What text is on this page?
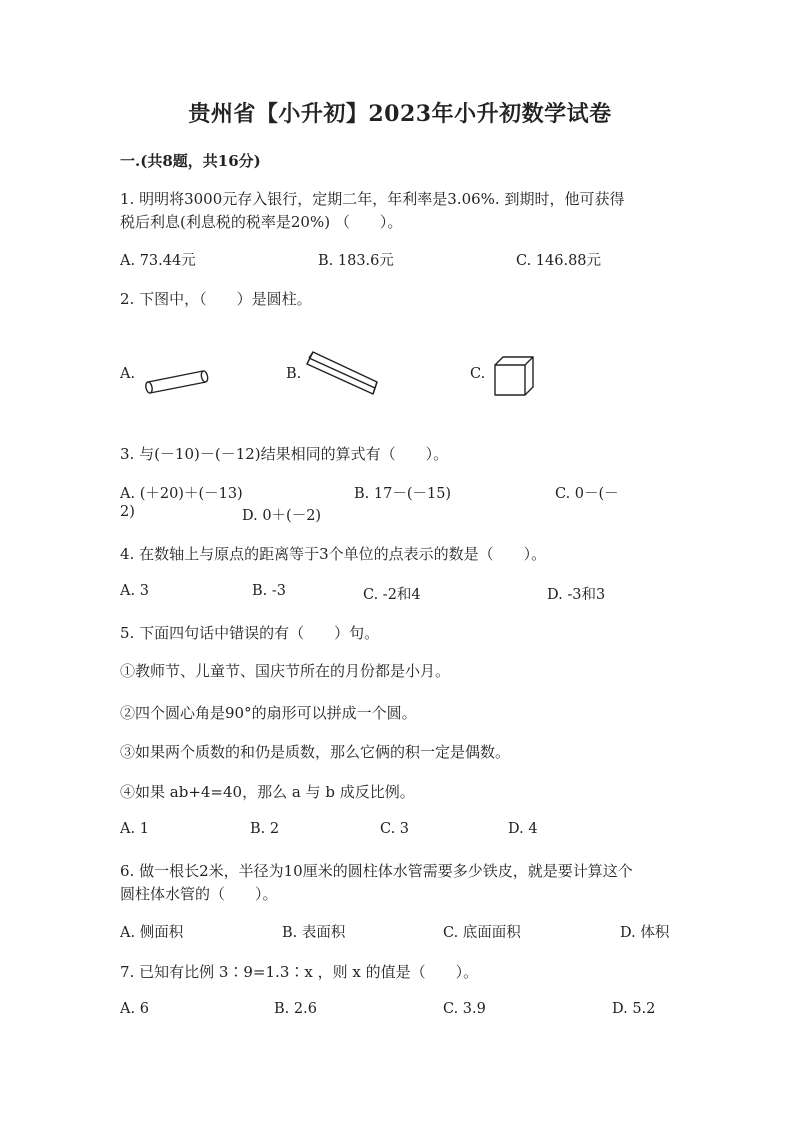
贵州省【小升初】2023年小升初数学试卷
一.(共8题，共16分)
1. 明明将3000元存入银行，定期二年，年利率是3.06%. 到期时，他可获得
税后利息(利息税的税率是20%) （　　）。
A. 73.44元	B. 183.6元	C. 146.88元
2. 下图中，（　　）是圆柱。
A.	B.	C.
3. 与(－10)－(－12)结果相同的算式有（　　）。
A. (＋20)＋(－13)	B. 17－(－15)	C. 0－(－
2)	D. 0＋(－2)
4. 在数轴上与原点的距离等于3个单位的点表示的数是（　　）。
A. 3	B. -3	C. -2和4	D. -3和3
5. 下面四句话中错误的有（　　）句。
①教师节、儿童节、国庆节所在的月份都是小月。
②四个圆心角是90°的扇形可以拼成一个圆。
③如果两个质数的和仍是质数，那么它俩的积一定是偶数。
④如果 ab+4=40，那么 a 与 b 成反比例。
A. 1	B. 2	C. 3	D. 4
6. 做一根长2米，半径为10厘米的圆柱体水管需要多少铁皮，就是要计算这个
圆柱体水管的（　　）。
A. 侧面积	B. 表面积	C. 底面面积	D. 体积
7. 已知有比例 3∶9=1.3∶x ，则 x 的值是（　　）。
A. 6	B. 2.6	C. 3.9	D. 5.2
